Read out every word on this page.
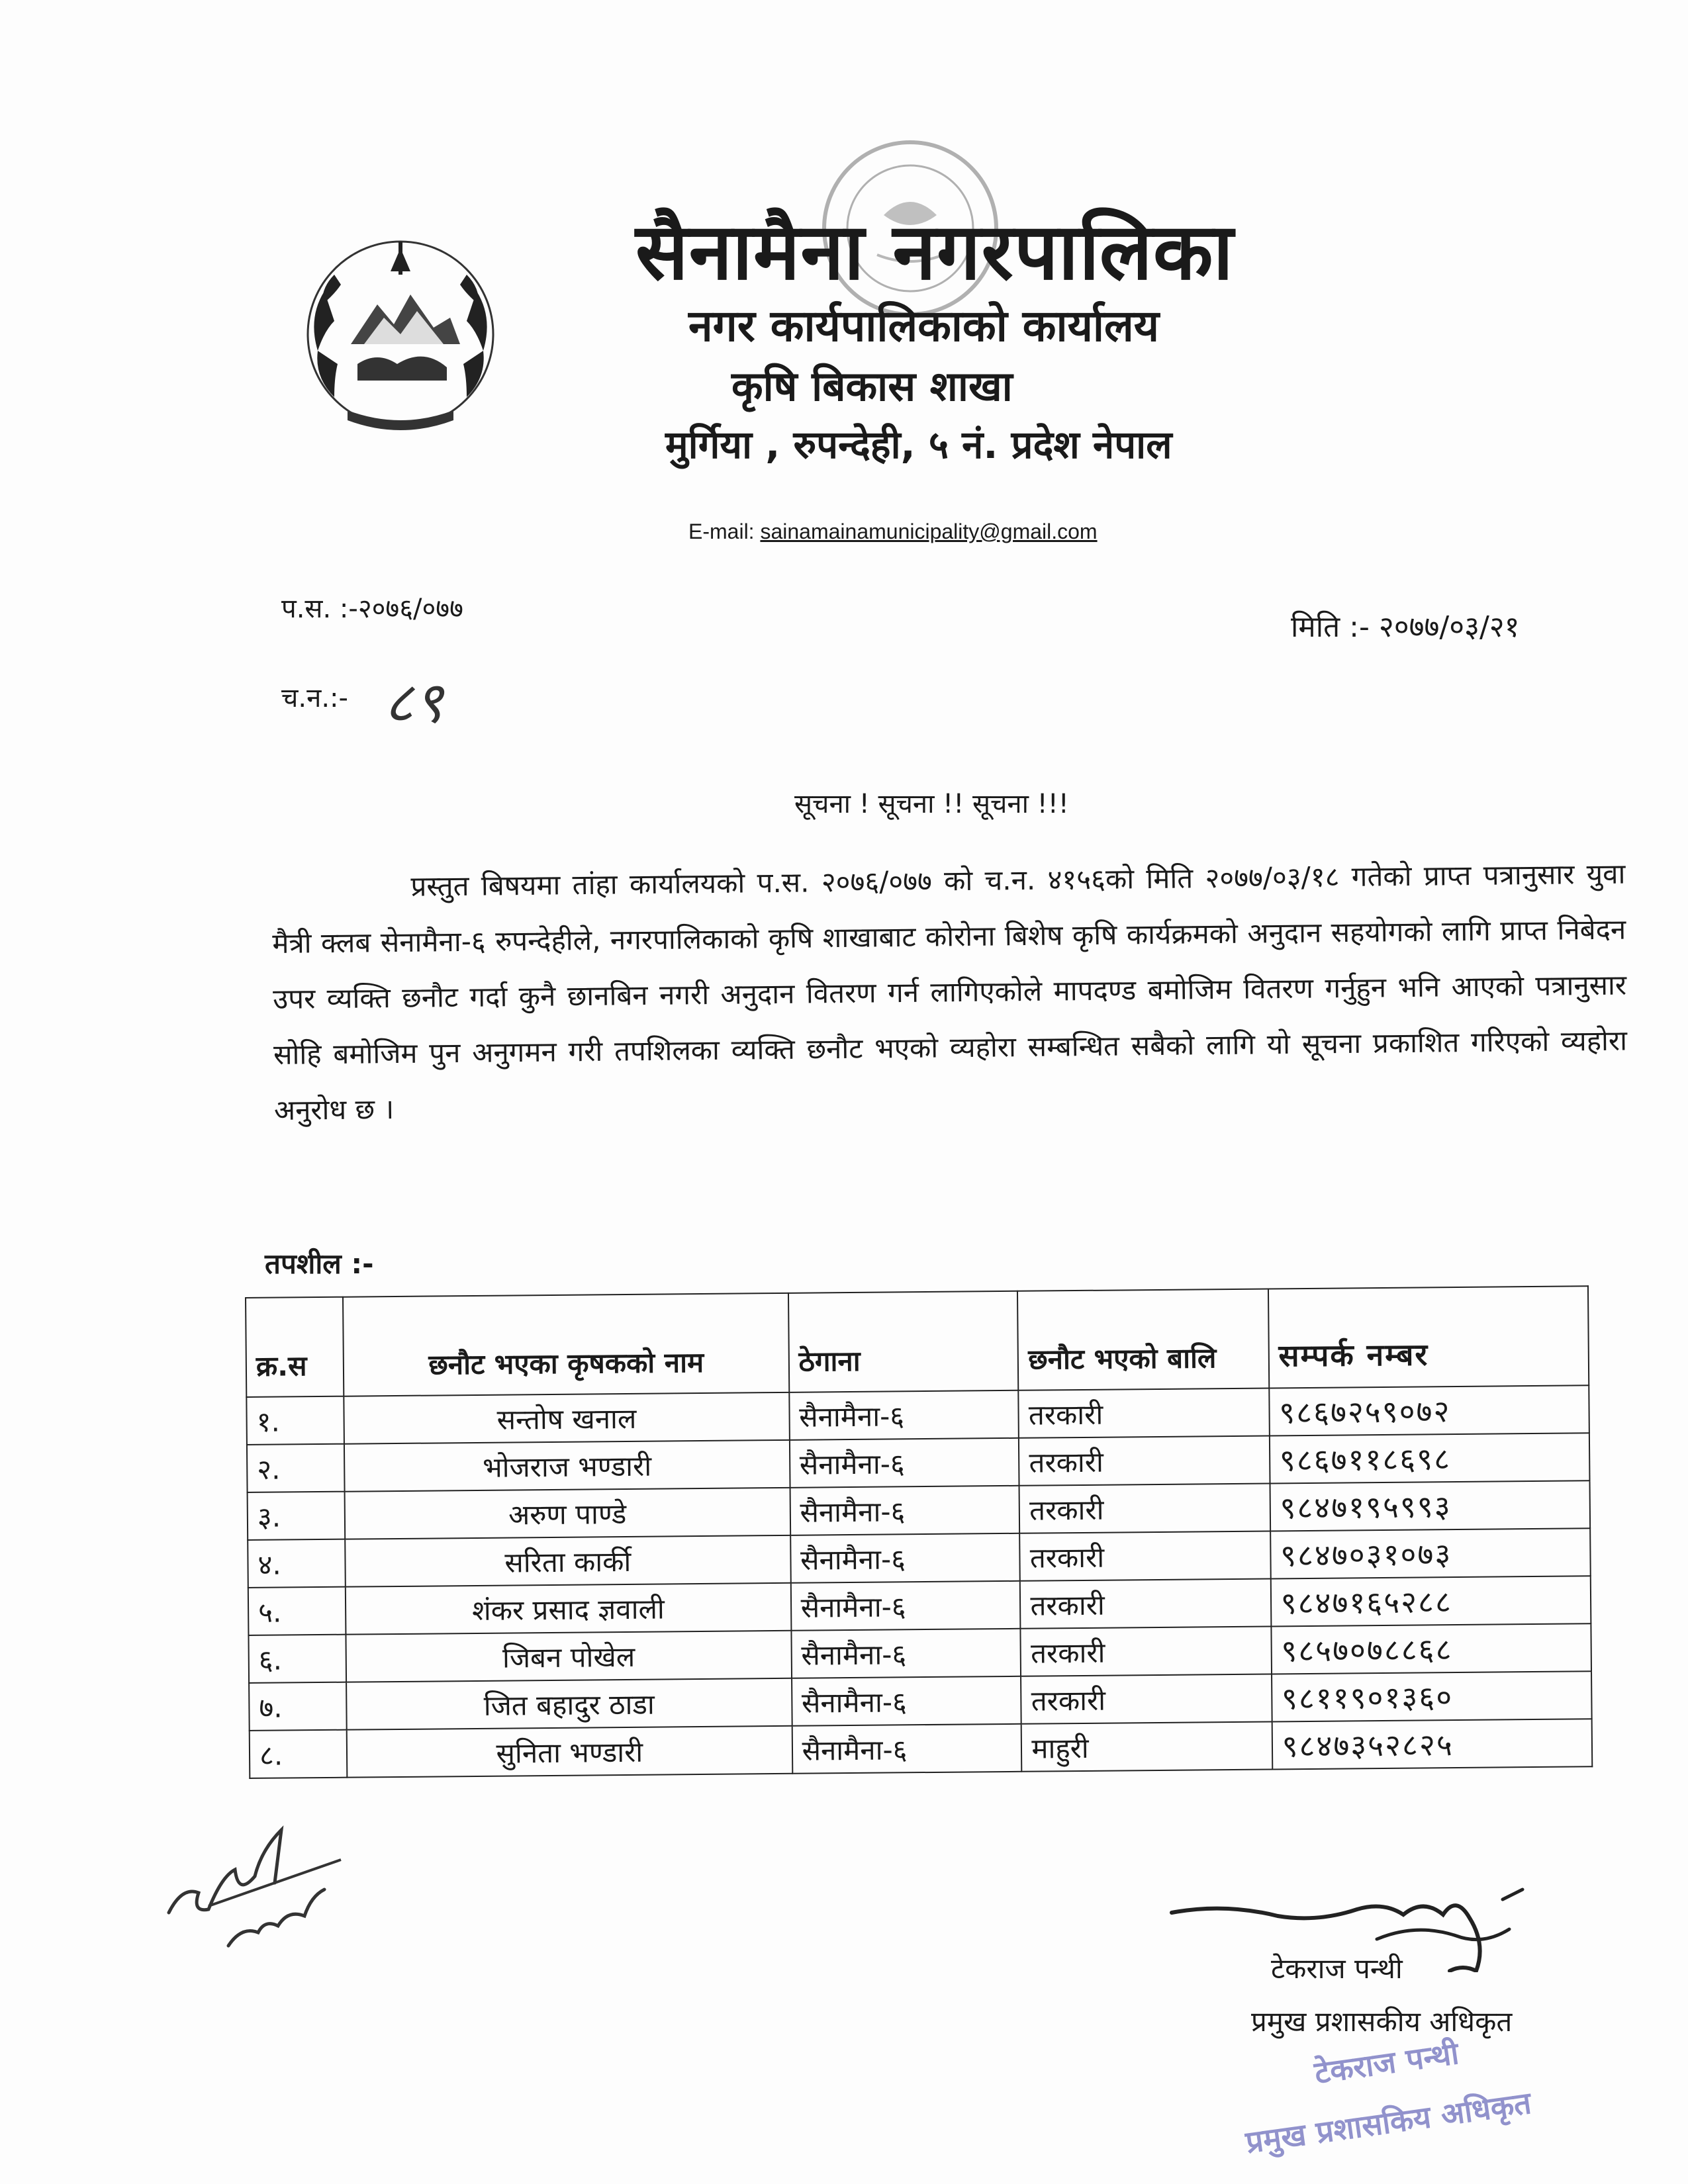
सैनामैना नगरपालिका
नगर कार्यपालिकाको कार्यालय
कृषि बिकास शाखा
मुर्गिया , रुपन्देही, ५ नं. प्रदेश नेपाल
E-mail: sainamainamunicipality@gmail.com
प.स. :-२०७६/०७७
मिति :- २०७७/०३/२१
च.न.:- ८९
सूचना ! सूचना !! सूचना !!!

प्रस्तुत बिषयमा तांहा कार्यालयको प.स. २०७६/०७७ को च.न. ४१५६को मिति २०७७/०३/१८ गतेको प्राप्त पत्रानुसार युवा मैत्री क्लब सेनामैना-६ रुपन्देहीले, नगरपालिकाको कृषि शाखाबाट कोरोना बिशेष कृषि कार्यक्रमको अनुदान सहयोगको लागि प्राप्त निबेदन उपर व्यक्ति छनौट गर्दा कुनै छानबिन नगरी अनुदान वितरण गर्न लागिएकोले मापदण्ड बमोजिम वितरण गर्नुहुन भनि आएको पत्रानुसार सोहि बमोजिम पुन अनुगमन गरी तपशिलका व्यक्ति छनौट भएको व्यहोरा सम्बन्धित सबैको लागि यो सूचना प्रकाशित गरिएको व्यहोरा अनुरोध छ ।

तपशील :-
क्र.स	छनौट भएका कृषकको नाम	ठेगाना	छनौट भएको बालि	सम्पर्क नम्बर
१.	सन्तोष खनाल	सैनामैना-६	तरकारी	९८६७२५९०७२
२.	भोजराज भण्डारी	सैनामैना-६	तरकारी	९८६७११८६९८
३.	अरुण पाण्डे	सैनामैना-६	तरकारी	९८४७१९५९९३
४.	सरिता कार्की	सैनामैना-६	तरकारी	९८४७०३१०७३
५.	शंकर प्रसाद ज्ञवाली	सैनामैना-६	तरकारी	९८४७१६५२८८
६.	जिबन पोखेल	सैनामैना-६	तरकारी	९८५७०७८८६८
७.	जित बहादुर ठाडा	सैनामैना-६	तरकारी	९८११९०१३६०
८.	सुनिता भण्डारी	सैनामैना-६	माहुरी	९८४७३५२८२५
टेकराज पन्थी
प्रमुख प्रशासकीय अधिकृत
टेकराज पन्थी
प्रमुख प्रशासकिय अधिकृत
